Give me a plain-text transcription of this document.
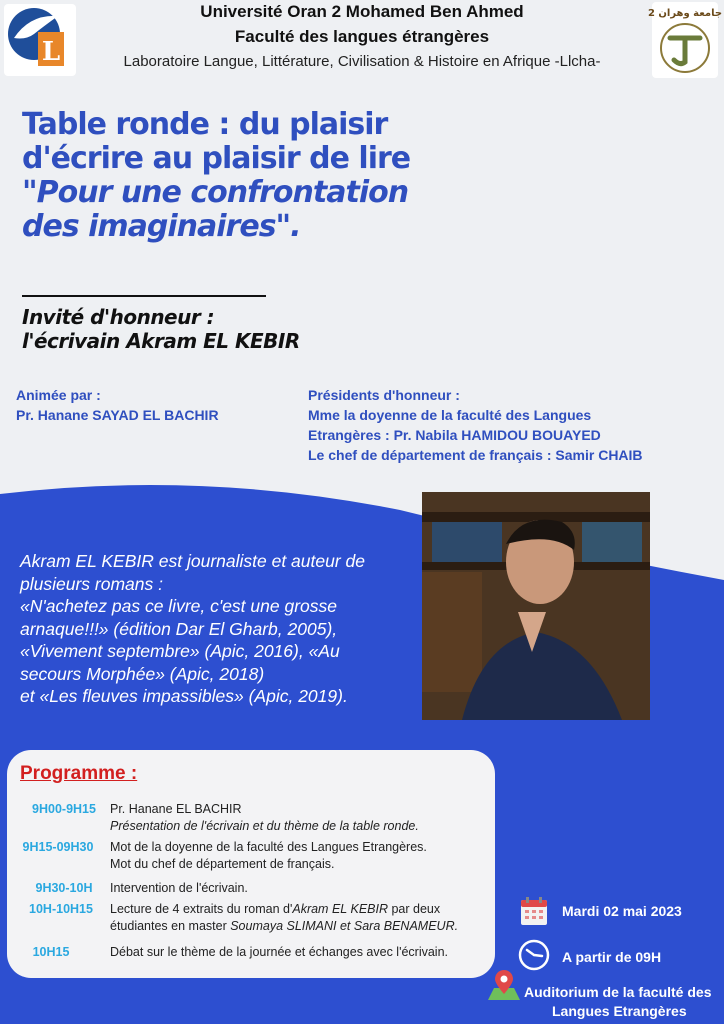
L
Université Oran 2 Mohamed Ben Ahmed
Faculté des langues étrangères
Laboratoire Langue, Littérature, Civilisation & Histoire en Afrique -Llcha-
جامعة وهران 2
Table ronde : du plaisir
d'écrire au plaisir de lire
"Pour une confrontation
des imaginaires".
Invité d'honneur :
l'écrivain Akram EL KEBIR
Animée par :
Pr. Hanane SAYAD EL BACHIR
Présidents d'honneur :
Mme la doyenne de la faculté des Langues
Etrangères : Pr. Nabila HAMIDOU BOUAYED
Le chef de département de français : Samir CHAIB
Akram EL KEBIR est journaliste et auteur de
plusieurs romans :
«N'achetez pas ce livre, c'est une grosse
arnaque!!!» (édition Dar El Gharb, 2005),
«Vivement septembre» (Apic, 2016), «Au
secours Morphée» (Apic, 2018)
et «Les fleuves impassibles» (Apic, 2019).
Programme :
9H00-9H15	Pr. Hanane EL BACHIR
Présentation de l'écrivain et du thème de la table ronde.
9H15-09H30	Mot de la doyenne de la faculté des Langues Etrangères.
Mot du chef de département de français.
9H30-10H	Intervention de l'écrivain.
10H-10H15	Lecture de 4 extraits du roman d'Akram EL KEBIR par deux
étudiantes en master Soumaya SLIMANI et Sara BENAMEUR.
10H15	Débat sur le thème de la journée et échanges avec l'écrivain.
Mardi 02 mai 2023
A partir de 09H
Auditorium de la faculté des
Langues Etrangères
